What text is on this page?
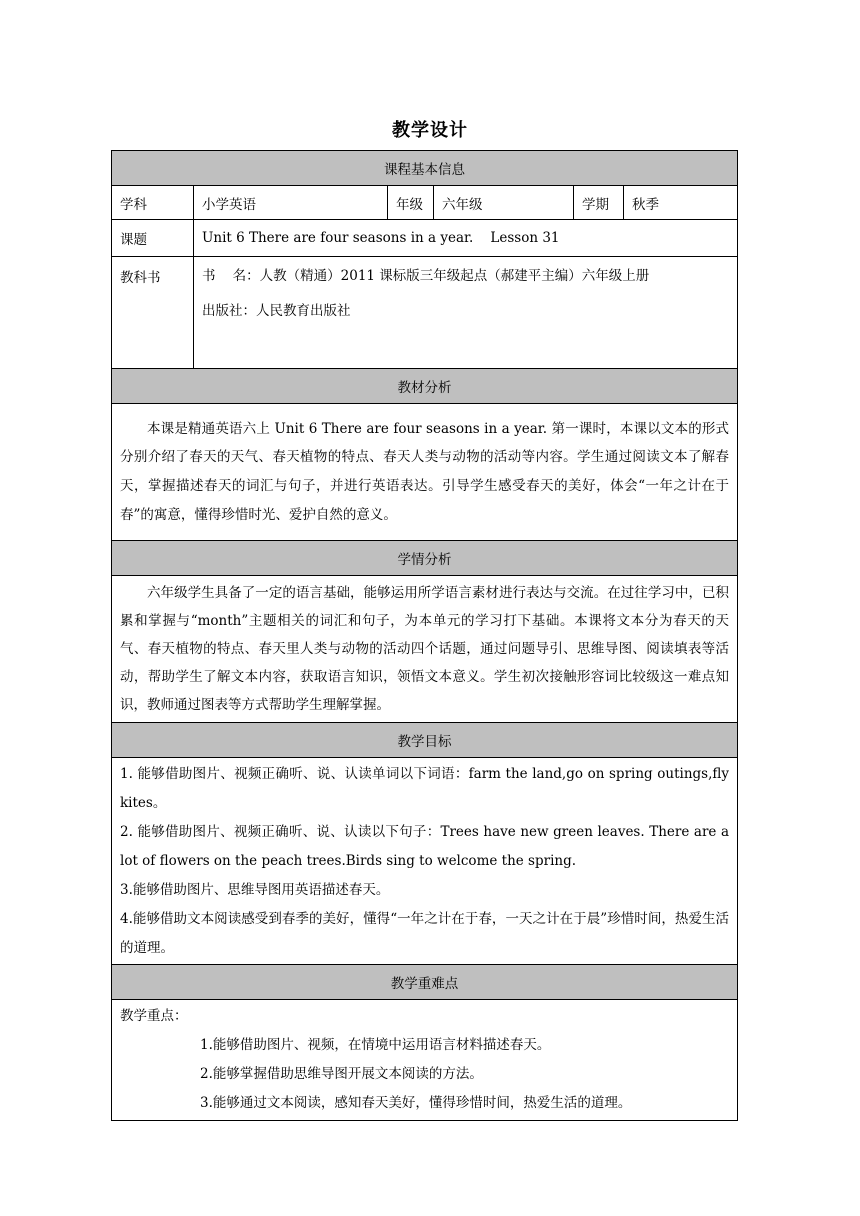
教学设计
课程基本信息					
学科	小学英语	年级	六年级	学期	秋季
课题	Unit 6 There are four seasons in a year.    Lesson 31				
教科书	书    名：人教（精通）2011 课标版三年级起点（郝建平主编）六年级上册
出版社：人民教育出版社				

教材分析					

本课是精通英语六上 Unit 6 There are four seasons in a year. 第一课时，本课以文本的形式分别介绍了春天的天气、春天植物的特点、春天人类与动物的活动等内容。学生通过阅读文本了解春天，掌握描述春天的词汇与句子，并进行英语表达。引导学生感受春天的美好，体会“一年之计在于春”的寓意，懂得珍惜时光、爱护自然的意义。					

学情分析					

六年级学生具备了一定的语言基础，能够运用所学语言素材进行表达与交流。在过往学习中，已积累和掌握与“month”主题相关的词汇和句子，为本单元的学习打下基础。本课将文本分为春天的天气、春天植物的特点、春天里人类与动物的活动四个话题，通过问题导引、思维导图、阅读填表等活动，帮助学生了解文本内容，获取语言知识，领悟文本意义。学生初次接触形容词比较级这一难点知识，教师通过图表等方式帮助学生理解掌握。					

教学目标					

1. 能够借助图片、视频正确听、说、认读单词以下词语：farm the land,go on spring outings,fly kites。

2. 能够借助图片、视频正确听、说、认读以下句子：Trees have new green leaves. There are a lot of flowers on the peach trees.Birds sing to welcome the spring.

3.能够借助图片、思维导图用英语描述春天。

4.能够借助文本阅读感受到春季的美好，懂得“一年之计在于春，一天之计在于晨”珍惜时间，热爱生活的道理。					

教学重难点					

教学重点：

1.能够借助图片、视频，在情境中运用语言材料描述春天。

2.能够掌握借助思维导图开展文本阅读的方法。

3.能够通过文本阅读，感知春天美好，懂得珍惜时间，热爱生活的道理。					
